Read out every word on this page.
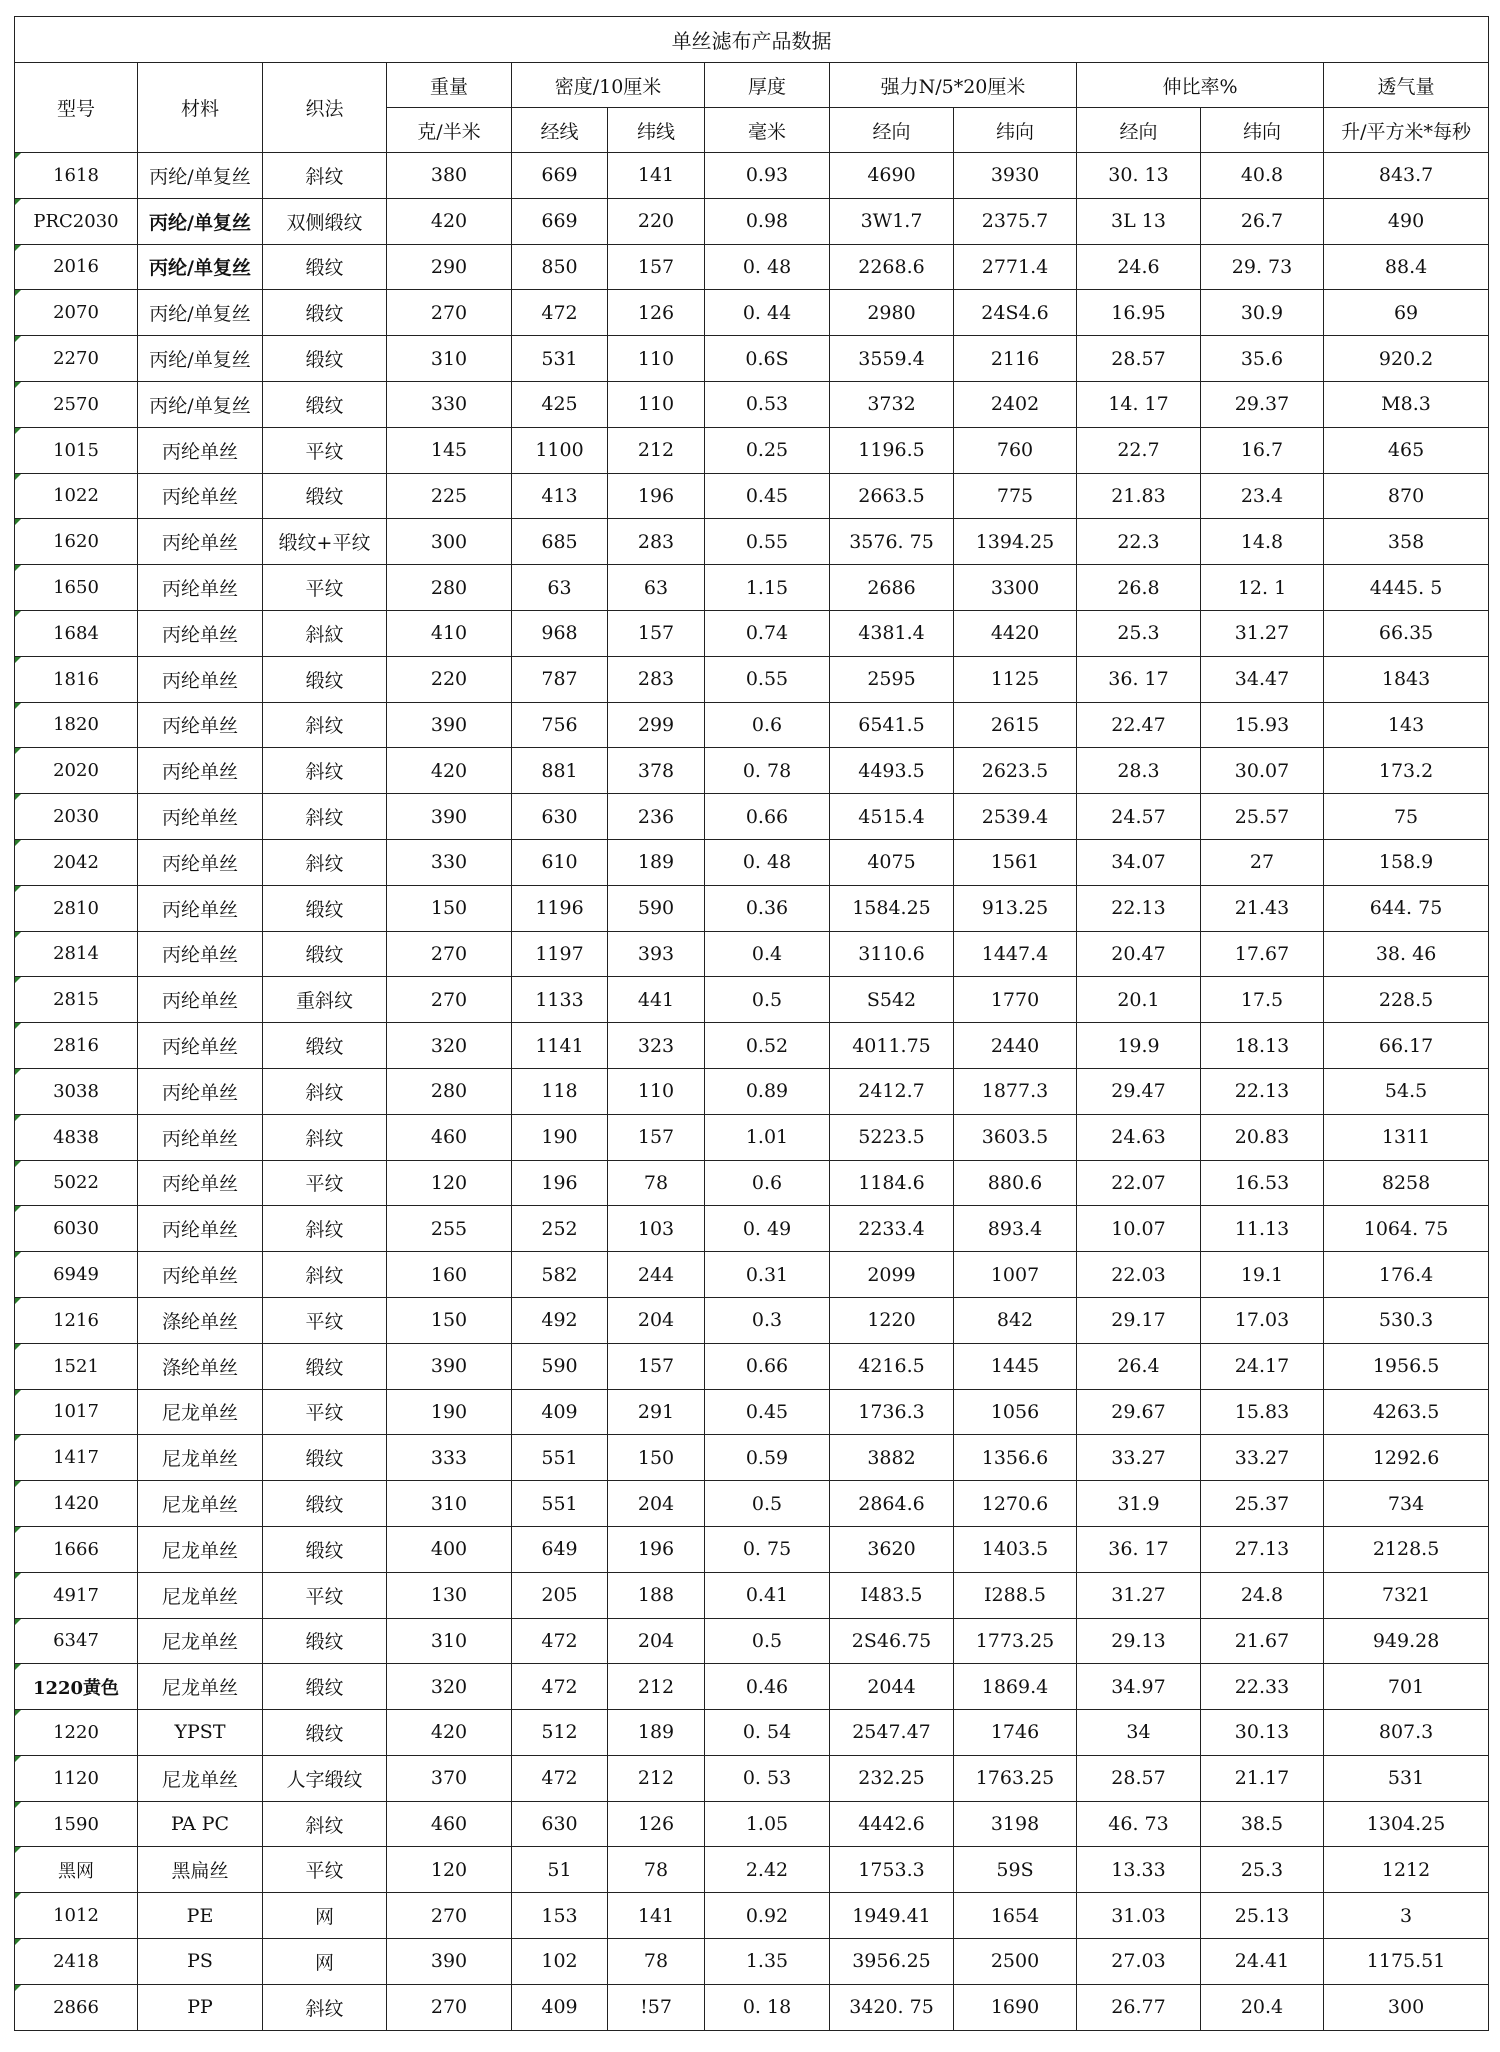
单丝滤布产品数据											
型号	材料	织法	重量	密度/10厘米		厚度	强力N/5*20厘米		伸比率%		透气量
			克/半米	经线	纬线	毫米	经向	纬向	经向	纬向	升/平方米*每秒
1618	丙纶/单复丝	斜纹	380	669	141	0.93	4690	3930	30. 13	40.8	843.7
PRC2030	丙纶/单复丝	双侧缎纹	420	669	220	0.98	3W1.7	2375.7	3L 13	26.7	490
2016	丙纶/单复丝	缎纹	290	850	157	0. 48	2268.6	2771.4	24.6	29. 73	88.4
2070	丙纶/单复丝	缎纹	270	472	126	0. 44	2980	24S4.6	16.95	30.9	69
2270	丙纶/单复丝	缎纹	310	531	110	0.6S	3559.4	2116	28.57	35.6	920.2
2570	丙纶/单复丝	缎纹	330	425	110	0.53	3732	2402	14. 17	29.37	M8.3
1015	丙纶单丝	平纹	145	1100	212	0.25	1196.5	760	22.7	16.7	465
1022	丙纶单丝	缎纹	225	413	196	0.45	2663.5	775	21.83	23.4	870
1620	丙纶单丝	缎纹+平纹	300	685	283	0.55	3576. 75	1394.25	22.3	14.8	358
1650	丙纶单丝	平纹	280	63	63	1.15	2686	3300	26.8	12. 1	4445. 5
1684	丙纶单丝	斜紋	410	968	157	0.74	4381.4	4420	25.3	31.27	66.35
1816	丙纶单丝	缎纹	220	787	283	0.55	2595	1125	36. 17	34.47	1843
1820	丙纶单丝	斜纹	390	756	299	0.6	6541.5	2615	22.47	15.93	143
2020	丙纶单丝	斜纹	420	881	378	0. 78	4493.5	2623.5	28.3	30.07	173.2
2030	丙纶单丝	斜纹	390	630	236	0.66	4515.4	2539.4	24.57	25.57	75
2042	丙纶单丝	斜纹	330	610	189	0. 48	4075	1561	34.07	27	158.9
2810	丙纶单丝	缎纹	150	1196	590	0.36	1584.25	913.25	22.13	21.43	644. 75
2814	丙纶单丝	缎纹	270	1197	393	0.4	3110.6	1447.4	20.47	17.67	38. 46
2815	丙纶单丝	重斜纹	270	1133	441	0.5	S542	1770	20.1	17.5	228.5
2816	丙纶单丝	缎纹	320	1141	323	0.52	4011.75	2440	19.9	18.13	66.17
3038	丙纶单丝	斜纹	280	118	110	0.89	2412.7	1877.3	29.47	22.13	54.5
4838	丙纶单丝	斜纹	460	190	157	1.01	5223.5	3603.5	24.63	20.83	1311
5022	丙纶单丝	平纹	120	196	78	0.6	1184.6	880.6	22.07	16.53	8258
6030	丙纶单丝	斜纹	255	252	103	0. 49	2233.4	893.4	10.07	11.13	1064. 75
6949	丙纶单丝	斜纹	160	582	244	0.31	2099	1007	22.03	19.1	176.4
1216	涤纶单丝	平纹	150	492	204	0.3	1220	842	29.17	17.03	530.3
1521	涤纶单丝	缎纹	390	590	157	0.66	4216.5	1445	26.4	24.17	1956.5
1017	尼龙单丝	平纹	190	409	291	0.45	1736.3	1056	29.67	15.83	4263.5
1417	尼龙单丝	缎纹	333	551	150	0.59	3882	1356.6	33.27	33.27	1292.6
1420	尼龙单丝	缎纹	310	551	204	0.5	2864.6	1270.6	31.9	25.37	734
1666	尼龙单丝	缎纹	400	649	196	0. 75	3620	1403.5	36. 17	27.13	2128.5
4917	尼龙单丝	平纹	130	205	188	0.41	I483.5	I288.5	31.27	24.8	7321
6347	尼龙单丝	缎纹	310	472	204	0.5	2S46.75	1773.25	29.13	21.67	949.28
1220黄色	尼龙单丝	缎纹	320	472	212	0.46	2044	1869.4	34.97	22.33	701
1220	YPST	缎纹	420	512	189	0. 54	2547.47	1746	34	30.13	807.3
1120	尼龙单丝	人字缎纹	370	472	212	0. 53	232.25	1763.25	28.57	21.17	531
1590	PA PC	斜纹	460	630	126	1.05	4442.6	3198	46. 73	38.5	1304.25
黑网	黑扁丝	平纹	120	51	78	2.42	1753.3	59S	13.33	25.3	1212
1012	PE	网	270	153	141	0.92	1949.41	1654	31.03	25.13	3
2418	PS	网	390	102	78	1.35	3956.25	2500	27.03	24.41	1175.51
2866	PP	斜纹	270	409	!57	0. 18	3420. 75	1690	26.77	20.4	300
